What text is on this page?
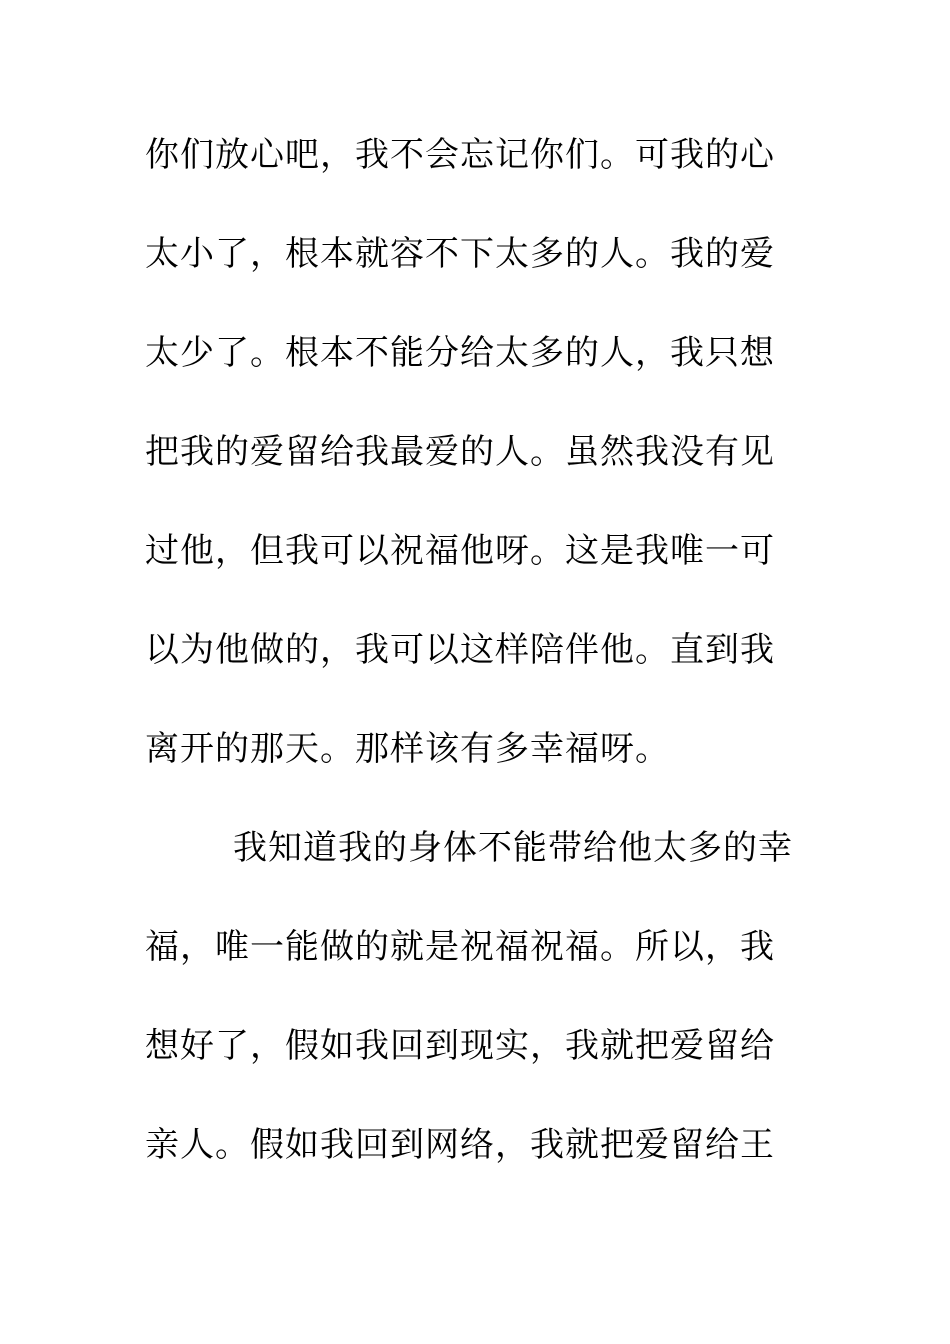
你们放心吧，我不会忘记你们。可我的心
太小了，根本就容不下太多的人。我的爱
太少了。根本不能分给太多的人，我只想
把我的爱留给我最爱的人。虽然我没有见
过他，但我可以祝福他呀。这是我唯一可
以为他做的，我可以这样陪伴他。直到我
离开的那天。那样该有多幸福呀。
我知道我的身体不能带给他太多的幸
福，唯一能做的就是祝福祝福。所以，我
想好了，假如我回到现实，我就把爱留给
亲人。假如我回到网络，我就把爱留给王
